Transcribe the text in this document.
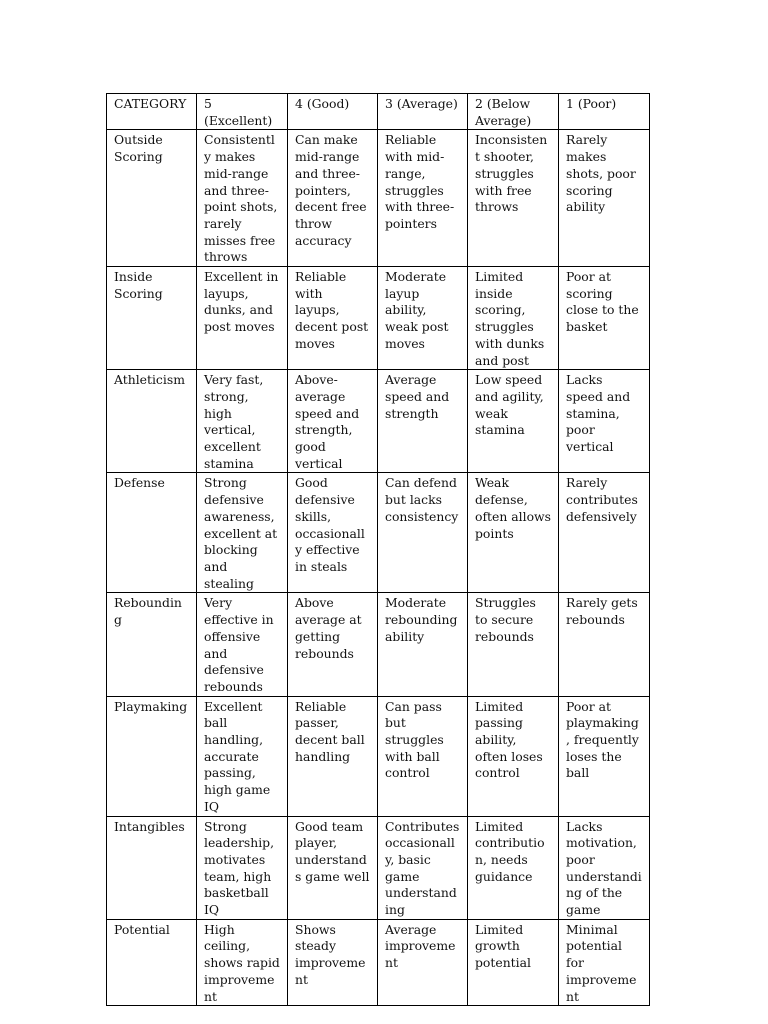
CATEGORY	5 (Excellent)	4 (Good)	3 (Average)	2 (Below Average)	1 (Poor)
Outside Scoring	Consistently makes mid-range and three-point shots, rarely misses free throws	Can make mid-range and three-pointers, decent free throw accuracy	Reliable with mid-range, struggles with three-pointers	Inconsistent shooter, struggles with free throws	Rarely makes shots, poor scoring ability
Inside Scoring	Excellent in layups, dunks, and post moves	Reliable with layups, decent post moves	Moderate layup ability, weak post moves	Limited inside scoring, struggles with dunks and post	Poor at scoring close to the basket
Athleticism	Very fast, strong, high vertical, excellent stamina	Above-average speed and strength, good vertical	Average speed and strength	Low speed and agility, weak stamina	Lacks speed and stamina, poor vertical
Defense	Strong defensive awareness, excellent at blocking and stealing	Good defensive skills, occasionally effective in steals	Can defend but lacks consistency	Weak defense, often allows points	Rarely contributes defensively
Rebounding	Very effective in offensive and defensive rebounds	Above average at getting rebounds	Moderate rebounding ability	Struggles to secure rebounds	Rarely gets rebounds
Playmaking	Excellent ball handling, accurate passing, high game IQ	Reliable passer, decent ball handling	Can pass but struggles with ball control	Limited passing ability, often loses control	Poor at playmaking, frequently loses the ball
Intangibles	Strong leadership, motivates team, high basketball IQ	Good team player, understands game well	Contributes occasionally, basic game understanding	Limited contribution, needs guidance	Lacks motivation, poor understanding of the game
Potential	High ceiling, shows rapid improvement	Shows steady improvement	Average improvement	Limited growth potential	Minimal potential for improvement
